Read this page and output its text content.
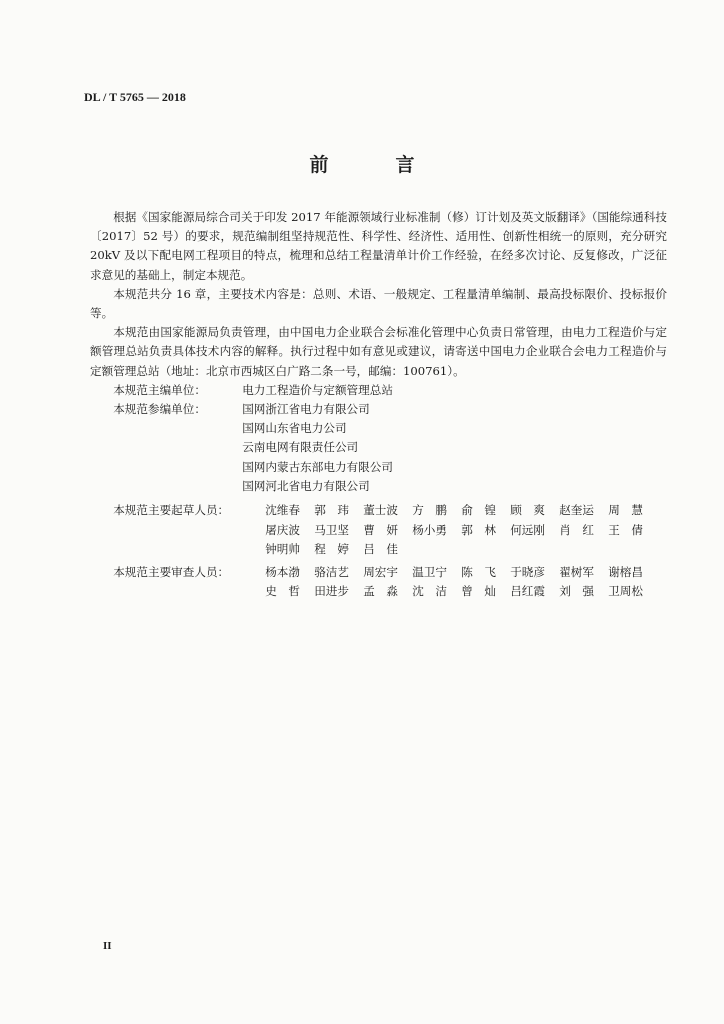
DL / T 5765 — 2018
前　言

根据《国家能源局综合司关于印发 2017 年能源领域行业标准制（修）订计划及英文版翻译》（国能综通科技〔2017〕52 号）的要求，规范编制组坚持规范性、科学性、经济性、适用性、创新性相统一的原则，充分研究 20kV 及以下配电网工程项目的特点，梳理和总结工程量清单计价工作经验，在经多次讨论、反复修改，广泛征求意见的基础上，制定本规范。

本规范共分 16 章，主要技术内容是：总则、术语、一般规定、工程量清单编制、最高投标限价、投标报价等。

本规范由国家能源局负责管理，由中国电力企业联合会标准化管理中心负责日常管理，由电力工程造价与定额管理总站负责具体技术内容的解释。执行过程中如有意见或建议，请寄送中国电力企业联合会电力工程造价与定额管理总站（地址：北京市西城区白广路二条一号，邮编：100761）。

本规范主编单位：	电力工程造价与定额管理总站
本规范参编单位：	国网浙江省电力有限公司
国网山东省电力公司
云南电网有限责任公司
国网内蒙古东部电力有限公司
国网河北省电力有限公司
本规范主要起草人员：	沈维春	郭　玮	董士波	方　鹏	俞　锽	顾　爽	赵奎运	周　慧
屠庆波	马卫坚	曹　妍	杨小勇	郭　林	何远刚	肖　红	王　倩
钟明帅	程　婷	吕　佳
本规范主要审查人员：	杨本渤	骆洁艺	周宏宇	温卫宁	陈　飞	于晓彦	翟树军	谢榕昌
史　哲	田进步	孟　淼	沈　洁	曾　灿	吕红霞	刘　强	卫周松
II
